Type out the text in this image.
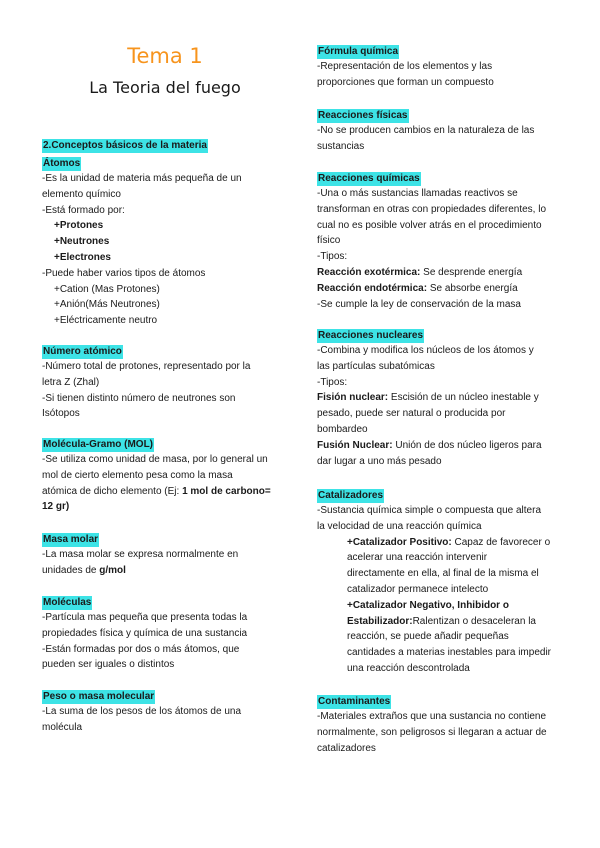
Tema 1
La Teoria del fuego

2.Conceptos básicos de la materia

Átomos

-Es la unidad de materia más pequeña de un

elemento químico

-Está formado por:

+Protones

+Neutrones

+Electrones

-Puede haber varios tipos de átomos

+Cation (Mas Protones)

+Anión(Más Neutrones)

+Eléctricamente neutro

Número atómico

-Número total de protones, representado por la

letra Z (Zhal)

-Si tienen distinto número de neutrones son

Isótopos

Molécula-Gramo (MOL)

-Se utiliza como unidad de masa, por lo general un

mol de cierto elemento pesa como la masa

atómica de dicho elemento (Ej: 1 mol de carbono=

12 gr)

Masa molar

-La masa molar se expresa normalmente en

unidades de g/mol

Moléculas

-Partícula mas pequeña que presenta todas la

propiedades física y química de una sustancia

-Están formadas por dos o más átomos, que

pueden ser iguales o distintos

Peso o masa molecular

-La suma de los pesos de los átomos de una

molécula

Fórmula química

-Representación de los elementos y las

proporciones que forman un compuesto

Reacciones físicas

-No se producen cambios en la naturaleza de las

sustancias

Reacciones químicas

-Una o más sustancias llamadas reactivos se

transforman en otras con propiedades diferentes, lo

cual no es posible volver atrás en el procedimiento

físico

-Tipos:

Reacción exotérmica: Se desprende energía

Reacción endotérmica: Se absorbe energía

-Se cumple la ley de conservación de la masa

Reacciones nucleares

-Combina y modifica los núcleos de los átomos y

las partículas subatómicas

-Tipos:

Fisión nuclear: Escisión de un núcleo inestable y

pesado, puede ser natural o producida por

bombardeo

Fusión Nuclear: Unión de dos núcleo ligeros para

dar lugar a uno más pesado

Catalizadores

-Sustancia química simple o compuesta que altera

la velocidad de una reacción química

+Catalizador Positivo: Capaz de favorecer o

acelerar una reacción intervenir

directamente en ella, al final de la misma el

catalizador permanece intelecto

+Catalizador Negativo, Inhibidor o

Estabilizador:Ralentizan o desaceleran la

reacción, se puede añadir pequeñas

cantidades a materias inestables para impedir

una reacción descontrolada

Contaminantes

-Materiales extraños que una sustancia no contiene

normalmente, son peligrosos si llegaran a actuar de

catalizadores
